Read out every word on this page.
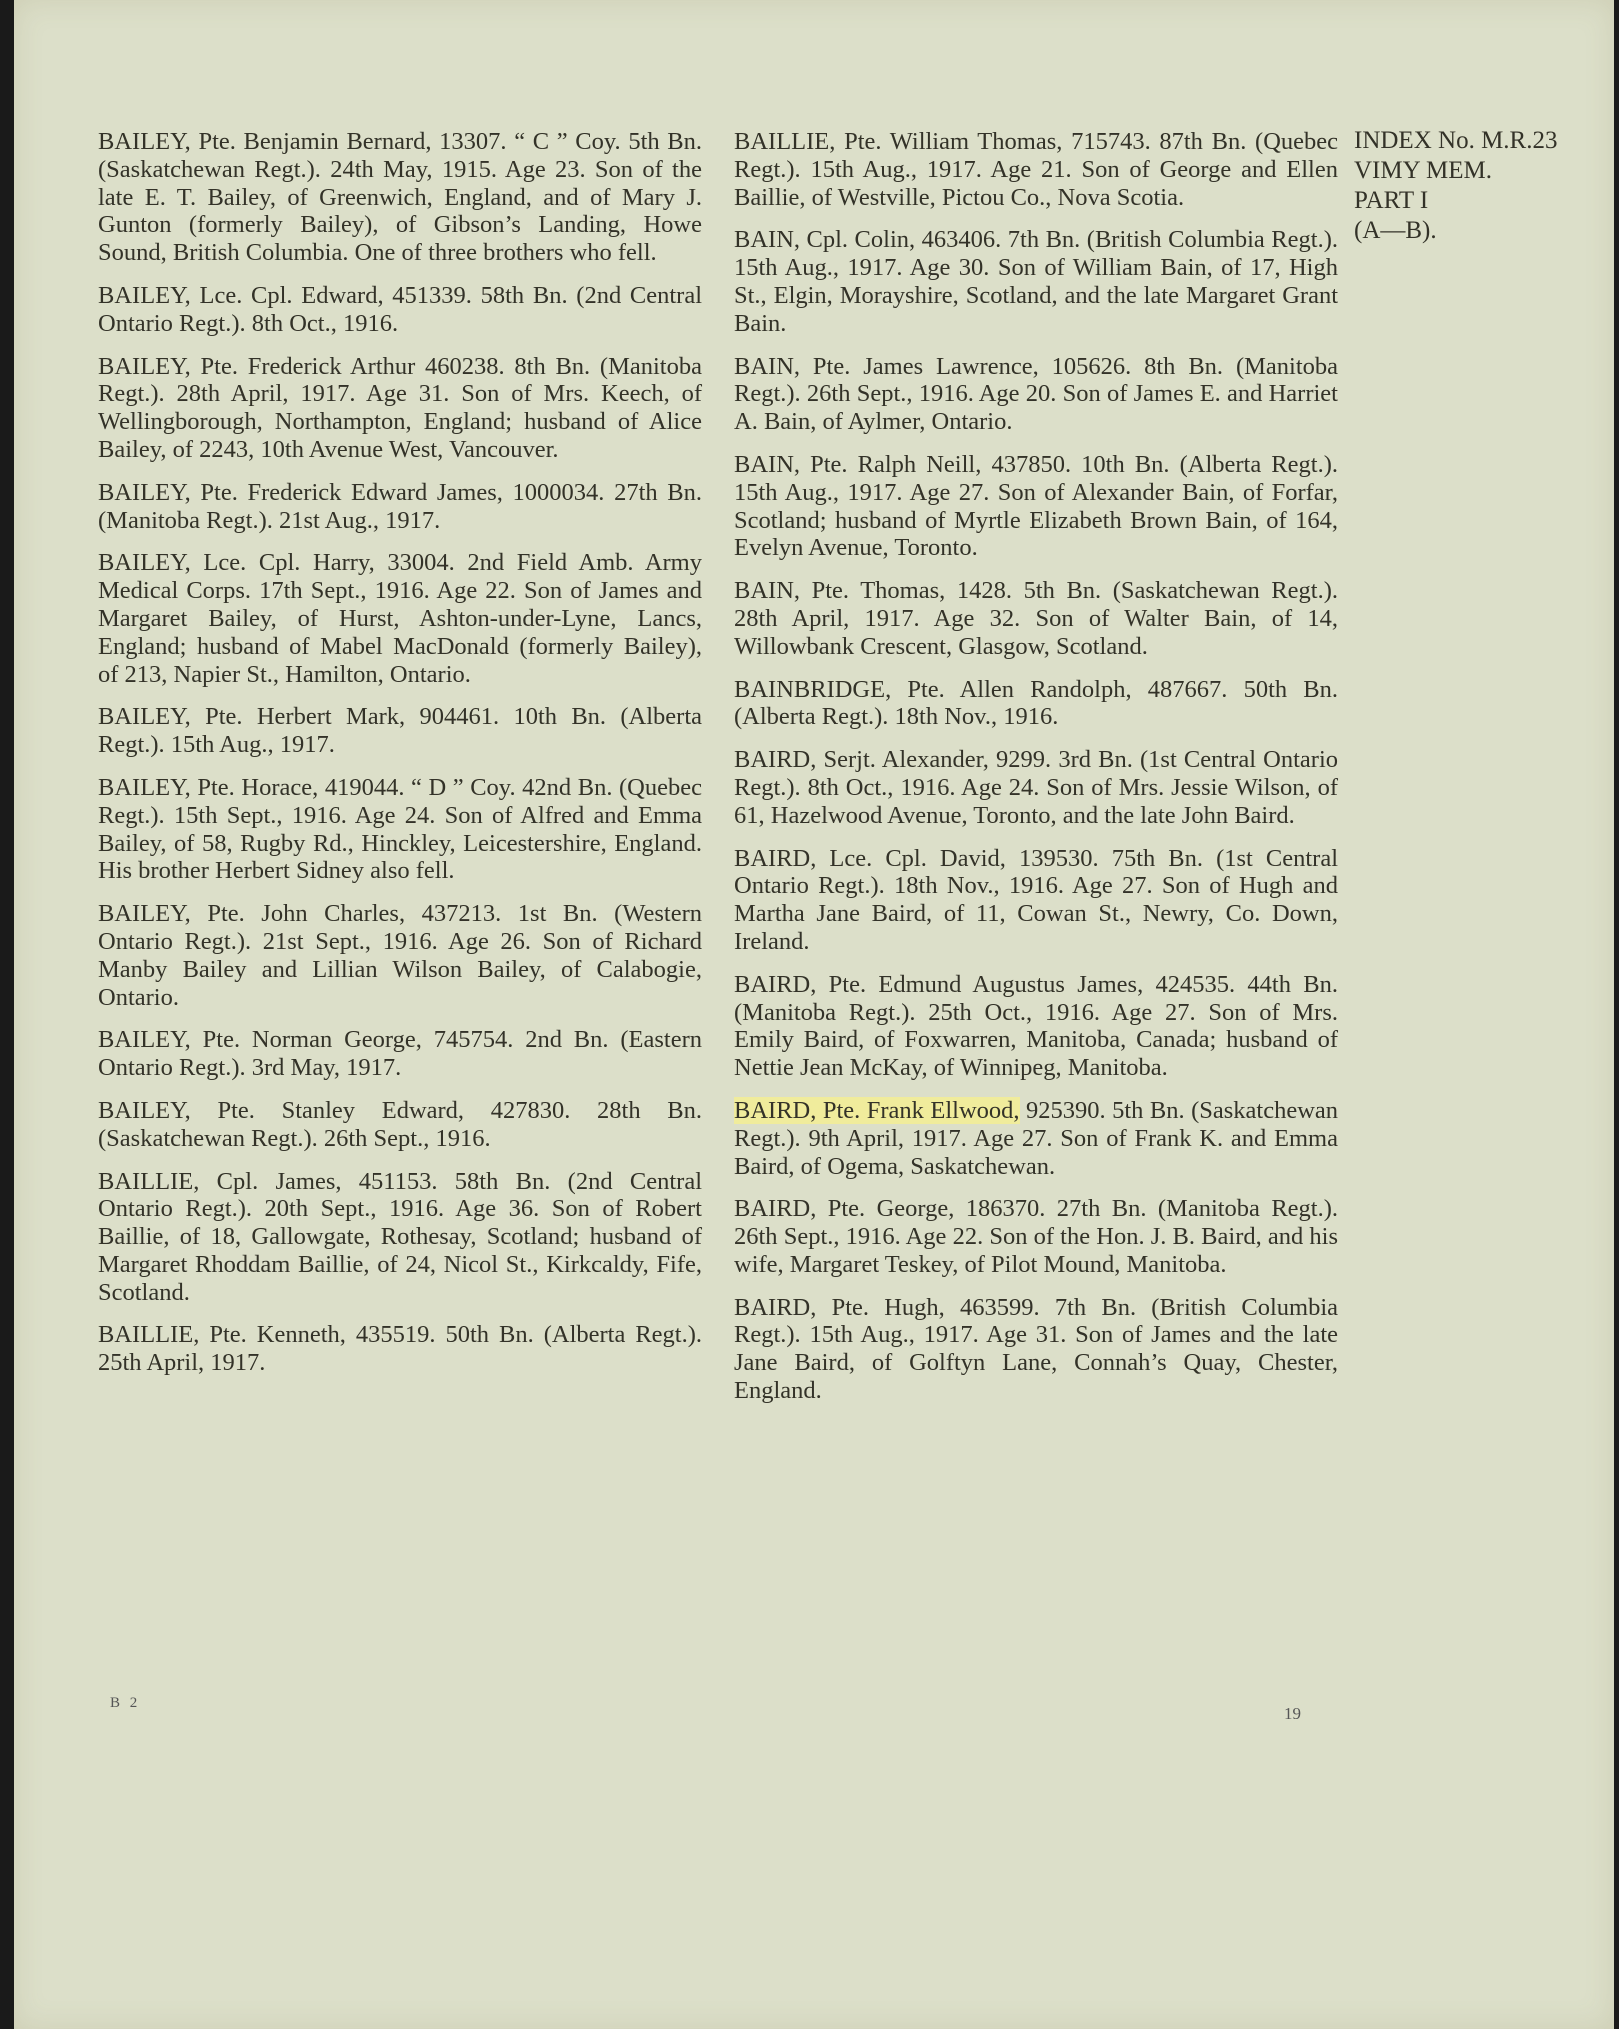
BAILEY, Pte. Benjamin Bernard, 13307. “ C ” Coy. 5th Bn. (Saskatchewan Regt.). 24th May, 1915. Age 23. Son of the late E. T. Bailey, of Greenwich, England, and of Mary J. Gunton (formerly Bailey), of Gibson’s Landing, Howe Sound, British Columbia. One of three brothers who fell.

BAILEY, Lce. Cpl. Edward, 451339. 58th Bn. (2nd Central Ontario Regt.). 8th Oct., 1916.

BAILEY, Pte. Frederick Arthur 460238. 8th Bn. (Manitoba Regt.). 28th April, 1917. Age 31. Son of Mrs. Keech, of Wellingborough, Northampton, England; husband of Alice Bailey, of 2243, 10th Avenue West, Vancouver.

BAILEY, Pte. Frederick Edward James, 1000034. 27th Bn. (Manitoba Regt.). 21st Aug., 1917.

BAILEY, Lce. Cpl. Harry, 33004. 2nd Field Amb. Army Medical Corps. 17th Sept., 1916. Age 22. Son of James and Margaret Bailey, of Hurst, Ashton-under-Lyne, Lancs, England; husband of Mabel MacDonald (formerly Bailey), of 213, Napier St., Hamilton, Ontario.

BAILEY, Pte. Herbert Mark, 904461. 10th Bn. (Alberta Regt.). 15th Aug., 1917.

BAILEY, Pte. Horace, 419044. “ D ” Coy. 42nd Bn. (Quebec Regt.). 15th Sept., 1916. Age 24. Son of Alfred and Emma Bailey, of 58, Rugby Rd., Hinckley, Leicestershire, England. His brother Herbert Sidney also fell.

BAILEY, Pte. John Charles, 437213. 1st Bn. (Western Ontario Regt.). 21st Sept., 1916. Age 26. Son of Richard Manby Bailey and Lillian Wilson Bailey, of Calabogie, Ontario.

BAILEY, Pte. Norman George, 745754. 2nd Bn. (Eastern Ontario Regt.). 3rd May, 1917.

BAILEY, Pte. Stanley Edward, 427830. 28th Bn. (Saskatchewan Regt.). 26th Sept., 1916.

BAILLIE, Cpl. James, 451153. 58th Bn. (2nd Central Ontario Regt.). 20th Sept., 1916. Age 36. Son of Robert Baillie, of 18, Gallowgate, Rothesay, Scotland; husband of Margaret Rhoddam Baillie, of 24, Nicol St., Kirkcaldy, Fife, Scotland.

BAILLIE, Pte. Kenneth, 435519. 50th Bn. (Alberta Regt.). 25th April, 1917.

BAILLIE, Pte. William Thomas, 715743. 87th Bn. (Quebec Regt.). 15th Aug., 1917. Age 21. Son of George and Ellen Baillie, of Westville, Pictou Co., Nova Scotia.

BAIN, Cpl. Colin, 463406. 7th Bn. (British Columbia Regt.). 15th Aug., 1917. Age 30. Son of William Bain, of 17, High St., Elgin, Morayshire, Scotland, and the late Margaret Grant Bain.

BAIN, Pte. James Lawrence, 105626. 8th Bn. (Manitoba Regt.). 26th Sept., 1916. Age 20. Son of James E. and Harriet A. Bain, of Aylmer, Ontario.

BAIN, Pte. Ralph Neill, 437850. 10th Bn. (Alberta Regt.). 15th Aug., 1917. Age 27. Son of Alexander Bain, of Forfar, Scotland; husband of Myrtle Elizabeth Brown Bain, of 164, Evelyn Avenue, Toronto.

BAIN, Pte. Thomas, 1428. 5th Bn. (Saskatchewan Regt.). 28th April, 1917. Age 32. Son of Walter Bain, of 14, Willowbank Crescent, Glasgow, Scotland.

BAINBRIDGE, Pte. Allen Randolph, 487667. 50th Bn. (Alberta Regt.). 18th Nov., 1916.

BAIRD, Serjt. Alexander, 9299. 3rd Bn. (1st Central Ontario Regt.). 8th Oct., 1916. Age 24. Son of Mrs. Jessie Wilson, of 61, Hazelwood Avenue, Toronto, and the late John Baird.

BAIRD, Lce. Cpl. David, 139530. 75th Bn. (1st Central Ontario Regt.). 18th Nov., 1916. Age 27. Son of Hugh and Martha Jane Baird, of 11, Cowan St., Newry, Co. Down, Ireland.

BAIRD, Pte. Edmund Augustus James, 424535. 44th Bn. (Manitoba Regt.). 25th Oct., 1916. Age 27. Son of Mrs. Emily Baird, of Foxwarren, Manitoba, Canada; husband of Nettie Jean McKay, of Winnipeg, Manitoba.

BAIRD, Pte. Frank Ellwood, 925390. 5th Bn. (Saskatchewan Regt.). 9th April, 1917. Age 27. Son of Frank K. and Emma Baird, of Ogema, Saskatchewan.

BAIRD, Pte. George, 186370. 27th Bn. (Manitoba Regt.). 26th Sept., 1916. Age 22. Son of the Hon. J. B. Baird, and his wife, Margaret Teskey, of Pilot Mound, Manitoba.

BAIRD, Pte. Hugh, 463599. 7th Bn. (British Columbia Regt.). 15th Aug., 1917. Age 31. Son of James and the late Jane Baird, of Golftyn Lane, Connah’s Quay, Chester, England.

INDEX No. M.R.23
VIMY MEM.
PART I
(A—B).
B 2
19
